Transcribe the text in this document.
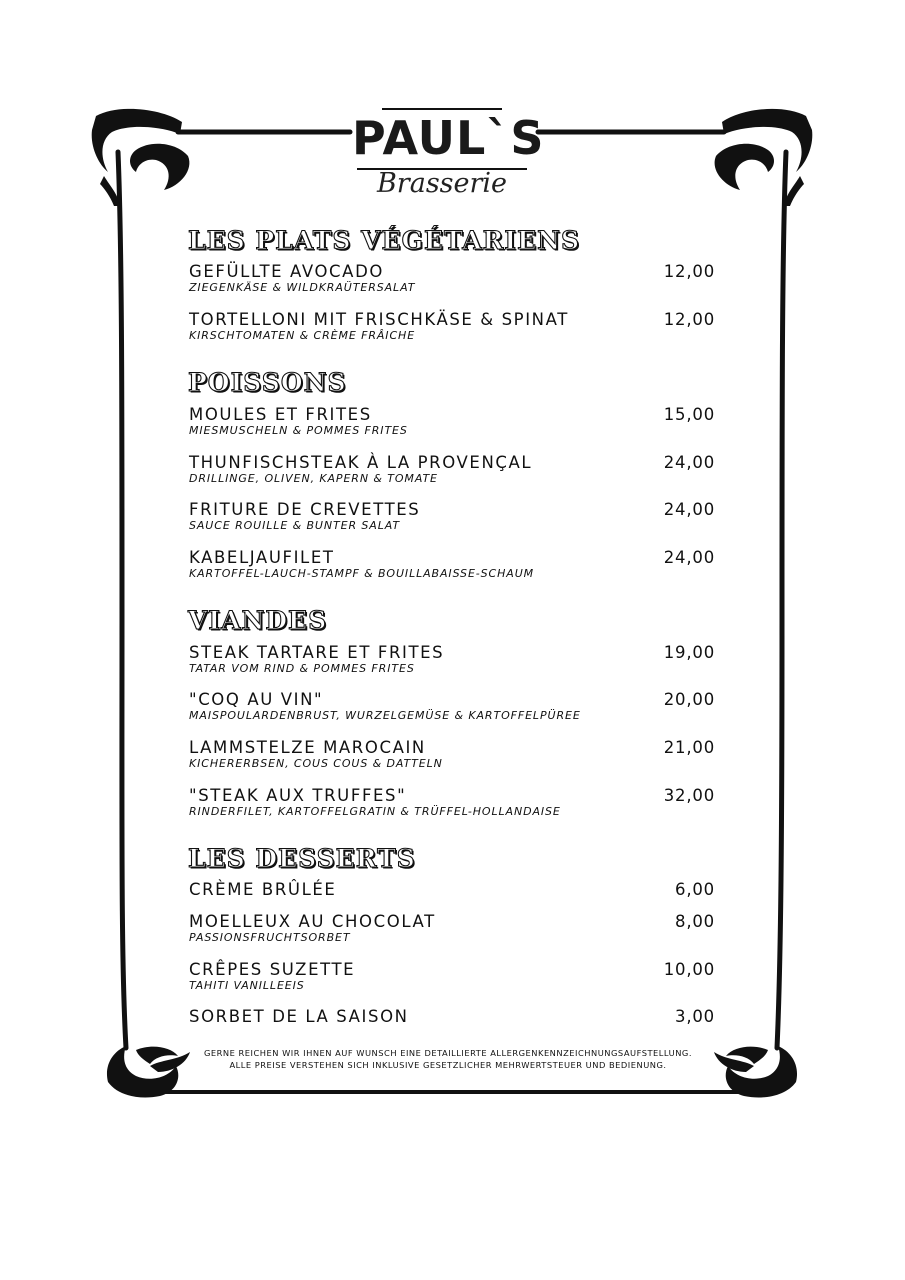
PAUL`S
Brasserie
LES PLATS VÉGÉTARIENS
GEFÜLLTE AVOCADO	12,00
ZIEGENKÄSE & WILDKRAÜTERSALAT
TORTELLONI MIT FRISCHKÄSE & SPINAT	12,00
KIRSCHTOMATEN & CRÈME FRÂICHE
POISSONS
MOULES ET FRITES	15,00
MIESMUSCHELN & POMMES FRITES
THUNFISCHSTEAK À LA PROVENÇAL	24,00
DRILLINGE, OLIVEN, KAPERN & TOMATE
FRITURE DE CREVETTES	24,00
SAUCE ROUILLE & BUNTER SALAT
KABELJAUFILET	24,00
KARTOFFEL-LAUCH-STAMPF & BOUILLABAISSE-SCHAUM
VIANDES
STEAK TARTARE ET FRITES	19,00
TATAR VOM RIND & POMMES FRITES
"COQ AU VIN"	20,00
MAISPOULARDENBRUST, WURZELGEMÜSE & KARTOFFELPÜREE
LAMMSTELZE MAROCAIN	21,00
KICHERERBSEN, COUS COUS & DATTELN
"STEAK AUX TRUFFES"	32,00
RINDERFILET, KARTOFFELGRATIN & TRÜFFEL-HOLLANDAISE
LES DESSERTS
CRÈME BRÛLÉE	6,00
MOELLEUX AU CHOCOLAT	8,00
PASSIONSFRUCHTSORBET
CRÊPES SUZETTE	10,00
TAHITI VANILLEEIS
SORBET DE LA SAISON	3,00
GERNE REICHEN WIR IHNEN AUF WUNSCH EINE DETAILLIERTE ALLERGENKENNZEICHNUNGSAUFSTELLUNG.
ALLE PREISE VERSTEHEN SICH INKLUSIVE GESETZLICHER MEHRWERTSTEUER UND BEDIENUNG.
